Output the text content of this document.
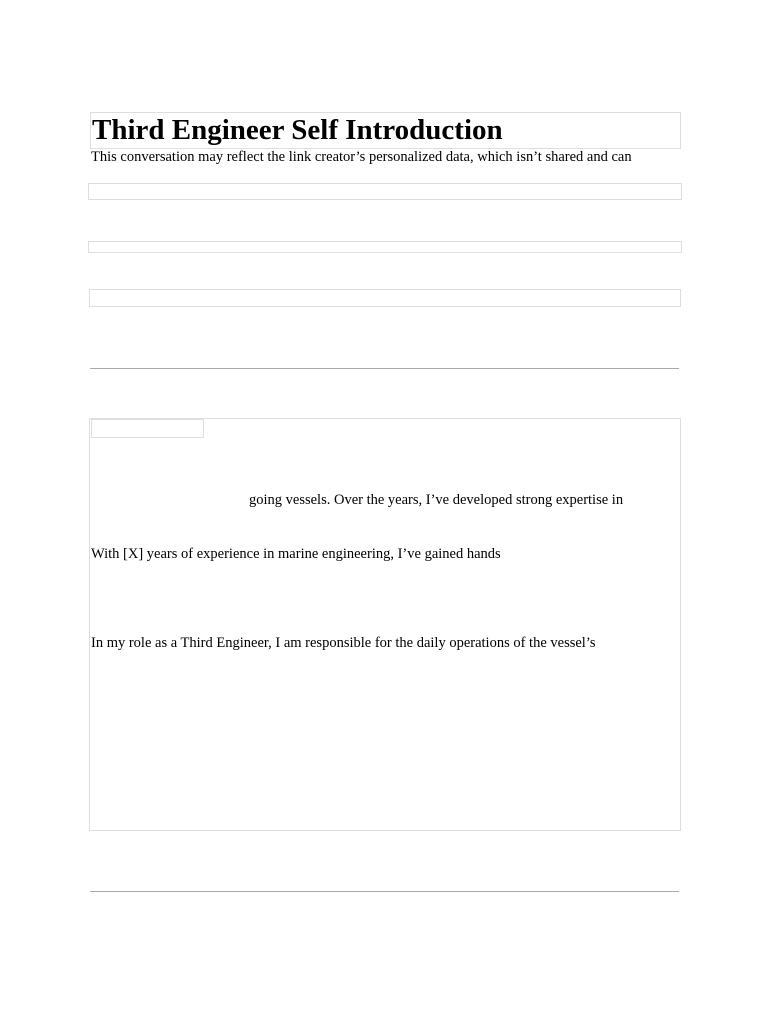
Third Engineer Self Introduction
This conversation may reflect the link creator’s personalized data, which isn’t shared and can
going vessels. Over the years, I’ve developed strong expertise in
With [X] years of experience in marine engineering, I’ve gained hands
In my role as a Third Engineer, I am responsible for the daily operations of the vessel’s
